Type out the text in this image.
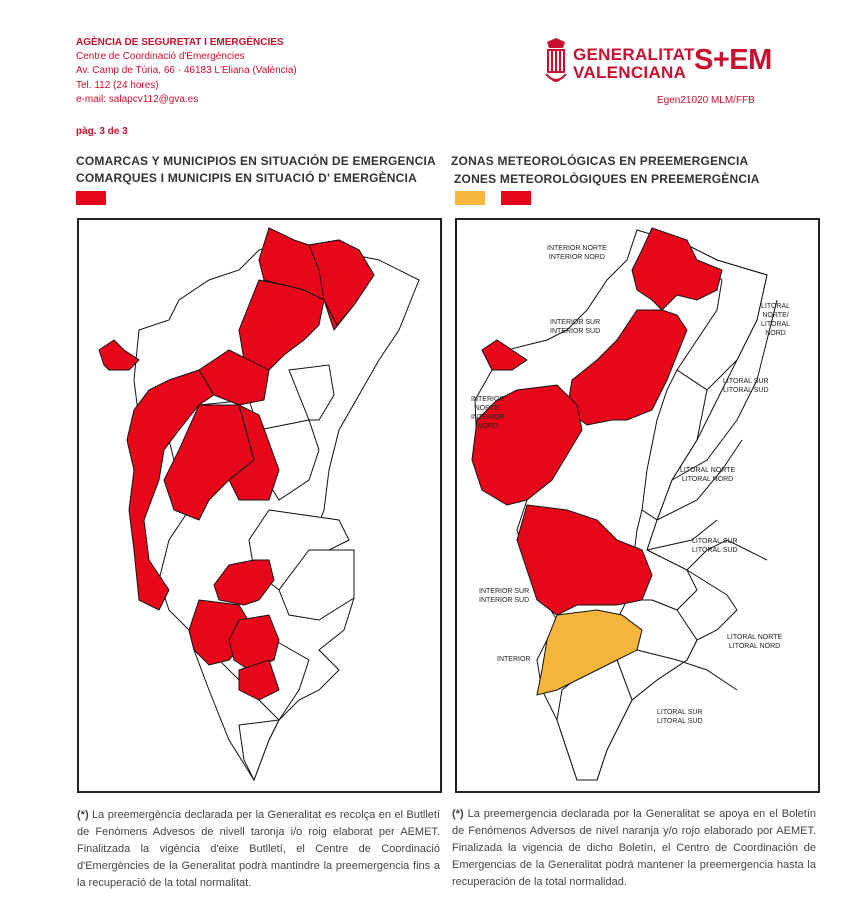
AGÈNCIA DE SEGURETAT I EMERGÈNCIES
Centre de Coordinació d'Emergències
Av. Camp de Túria, 66 · 46183 L'Eliana (València)
Tel. 112 (24 hores)
e-mail: salapcv112@gva.es
GENERALITAT
VALENCIANA S+EM
Egen21020 MLM/FFB
pàg. 3 de 3
COMARCAS Y MUNICIPIOS EN SITUACIÓN DE EMERGENCIA
COMARQUES I MUNICIPIS EN SITUACIÓ D' EMERGÈNCIA
(*) La preemergència declarada per la Generalitat es recolça en el Butlletí de Fenòmens Advesos de nivell taronja i/o roig elaborat per AEMET. Finalitzada la vigència d'eixe Butlletí, el Centre de Coordinació d'Emergències de la Generalitat podrà mantindre la preemergencia fins a la recuperació de la total normalitat.
ZONAS METEOROLÓGICAS EN PREEMERGENCIA
ZONES METEOROLÒGIQUES EN PREEMERGÈNCIA
INTERIOR NORTE
INTERIOR NORD
LITORAL
NORTE/
LITORAL
NORD
INTERIOR SUR
INTERIOR SUD
LITORAL SUR
LITORAL SUD
INTERIOR
NORTE/
INTERIOR
NORD
LITORAL NORTE
LITORAL NORD
LITORAL SUR
LITORAL SUD
INTERIOR SUR
INTERIOR SUD
LITORAL NORTE
LITORAL NORD
INTERIOR
LITORAL SUR
LITORAL SUD
(*) La preemergencia declarada por la Generalitat se apoya en el Boletín de Fenómenos Adversos de nivel naranja y/o rojo elaborado por AEMET. Finalizada la vigencia de dicho Boletín, el Centro de Coordinación de Emergencias de la Generalitat podrá mantener la preemergencia hasta la recuperación de la total normalidad.
